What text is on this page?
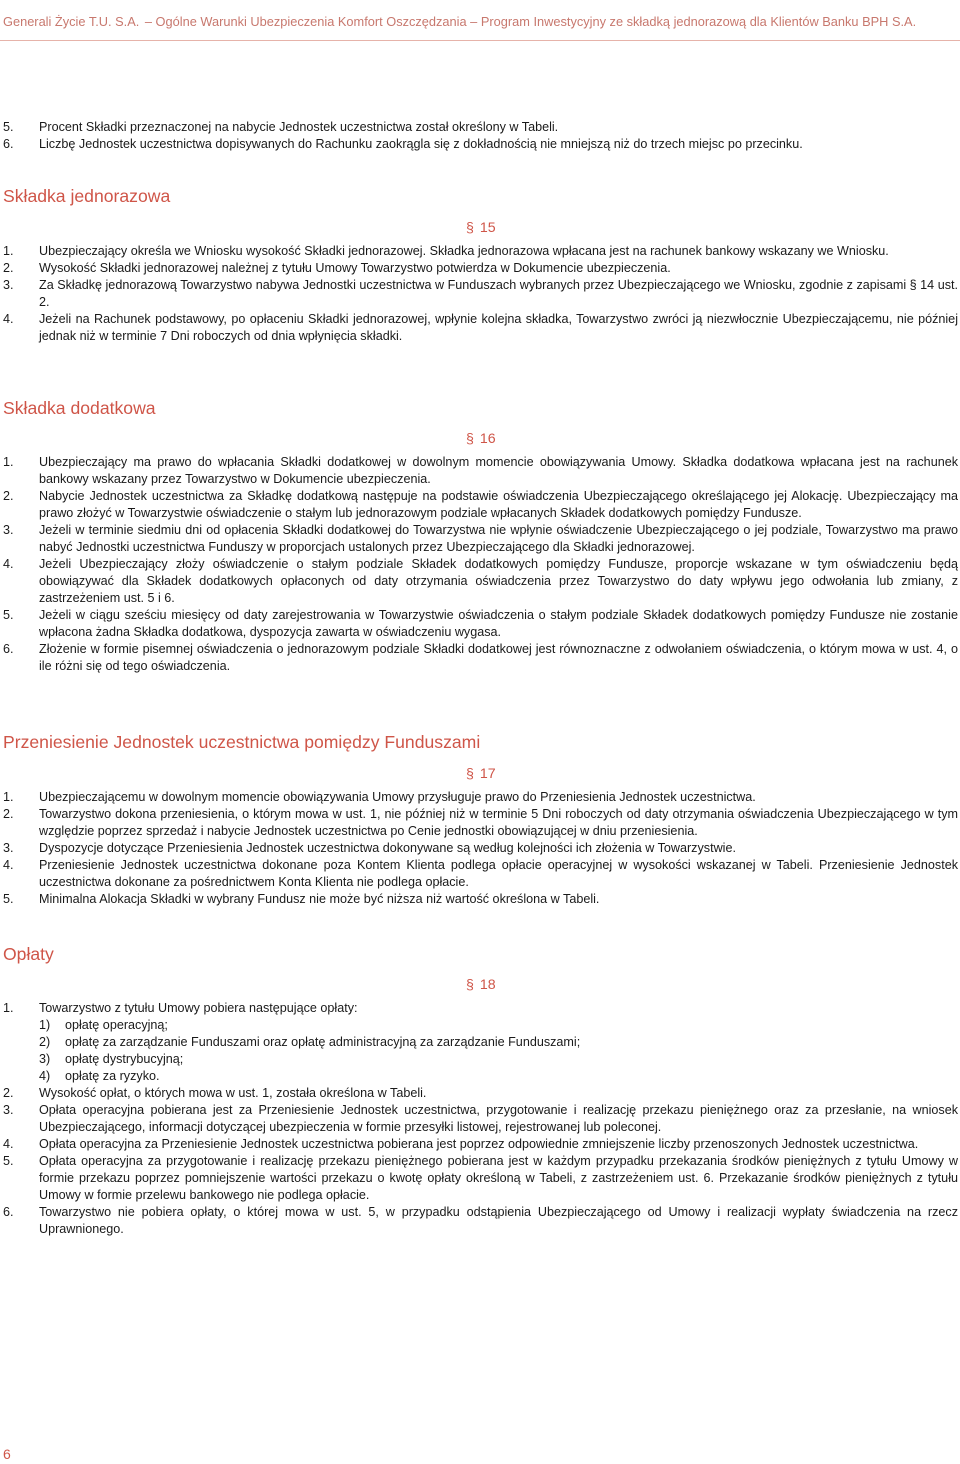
Generali Życie T.U. S.A. – Ogólne Warunki Ubezpieczenia Komfort Oszczędzania – Program Inwestycyjny ze składką jednorazową dla Klientów Banku BPH S.A.
5. Procent Składki przeznaczonej na nabycie Jednostek uczestnictwa został określony w Tabeli.
6. Liczbę Jednostek uczestnictwa dopisywanych do Rachunku zaokrągla się z dokładnością nie mniejszą niż do trzech miejsc po przecinku.
Składka jednorazowa
§ 15
1. Ubezpieczający określa we Wniosku wysokość Składki jednorazowej. Składka jednorazowa wpłacana jest na rachunek bankowy wskazany we Wniosku.
2. Wysokość Składki jednorazowej należnej z tytułu Umowy Towarzystwo potwierdza w Dokumencie ubezpieczenia.
3. Za Składkę jednorazową Towarzystwo nabywa Jednostki uczestnictwa w Funduszach wybranych przez Ubezpieczającego we Wniosku, zgodnie z zapisami § 14 ust. 2.
4. Jeżeli na Rachunek podstawowy, po opłaceniu Składki jednorazowej, wpłynie kolejna składka, Towarzystwo zwróci ją niezwłocznie Ubezpieczającemu, nie później jednak niż w terminie 7 Dni roboczych od dnia wpłynięcia składki.
Składka dodatkowa
§ 16
1. Ubezpieczający ma prawo do wpłacania Składki dodatkowej w dowolnym momencie obowiązywania Umowy. Składka dodatkowa wpłacana jest na rachunek bankowy wskazany przez Towarzystwo w Dokumencie ubezpieczenia.
2. Nabycie Jednostek uczestnictwa za Składkę dodatkową następuje na podstawie oświadczenia Ubezpieczającego określającego jej Alokację. Ubezpieczający ma prawo złożyć w Towarzystwie oświadczenie o stałym lub jednorazowym podziale wpłacanych Składek dodatkowych pomiędzy Fundusze.
3. Jeżeli w terminie siedmiu dni od opłacenia Składki dodatkowej do Towarzystwa nie wpłynie oświadczenie Ubezpieczającego o jej podziale, Towarzystwo ma prawo nabyć Jednostki uczestnictwa Funduszy w proporcjach ustalonych przez Ubezpieczającego dla Składki jednorazowej.
4. Jeżeli Ubezpieczający złoży oświadczenie o stałym podziale Składek dodatkowych pomiędzy Fundusze, proporcje wskazane w tym oświadczeniu będą obowiązywać dla Składek dodatkowych opłaconych od daty otrzymania oświadczenia przez Towarzystwo do daty wpływu jego odwołania lub zmiany, z zastrzeżeniem ust. 5 i 6.
5. Jeżeli w ciągu sześciu miesięcy od daty zarejestrowania w Towarzystwie oświadczenia o stałym podziale Składek dodatkowych pomiędzy Fundusze nie zostanie wpłacona żadna Składka dodatkowa, dyspozycja zawarta w oświadczeniu wygasa.
6. Złożenie w formie pisemnej oświadczenia o jednorazowym podziale Składki dodatkowej jest równoznaczne z odwołaniem oświadczenia, o którym mowa w ust. 4, o ile różni się od tego oświadczenia.
Przeniesienie Jednostek uczestnictwa pomiędzy Funduszami
§ 17
1. Ubezpieczającemu w dowolnym momencie obowiązywania Umowy przysługuje prawo do Przeniesienia Jednostek uczestnictwa.
2. Towarzystwo dokona przeniesienia, o którym mowa w ust. 1, nie później niż w terminie 5 Dni roboczych od daty otrzymania oświadczenia Ubezpieczającego w tym względzie poprzez sprzedaż i nabycie Jednostek uczestnictwa po Cenie jednostki obowiązującej w dniu przeniesienia.
3. Dyspozycje dotyczące Przeniesienia Jednostek uczestnictwa dokonywane są według kolejności ich złożenia w Towarzystwie.
4. Przeniesienie Jednostek uczestnictwa dokonane poza Kontem Klienta podlega opłacie operacyjnej w wysokości wskazanej w Tabeli. Przeniesienie Jednostek uczestnictwa dokonane za pośrednictwem Konta Klienta nie podlega opłacie.
5. Minimalna Alokacja Składki w wybrany Fundusz nie może być niższa niż wartość określona w Tabeli.
Opłaty
§ 18
1. Towarzystwo z tytułu Umowy pobiera następujące opłaty:
1) opłatę operacyjną;
2) opłatę za zarządzanie Funduszami oraz opłatę administracyjną za zarządzanie Funduszami;
3) opłatę dystrybucyjną;
4) opłatę za ryzyko.
2. Wysokość opłat, o których mowa w ust. 1, została określona w Tabeli.
3. Opłata operacyjna pobierana jest za Przeniesienie Jednostek uczestnictwa, przygotowanie i realizację przekazu pieniężnego oraz za przesłanie, na wniosek Ubezpieczającego, informacji dotyczącej ubezpieczenia w formie przesyłki listowej, rejestrowanej lub poleconej.
4. Opłata operacyjna za Przeniesienie Jednostek uczestnictwa pobierana jest poprzez odpowiednie zmniejszenie liczby przenoszonych Jednostek uczestnictwa.
5. Opłata operacyjna za przygotowanie i realizację przekazu pieniężnego pobierana jest w każdym przypadku przekazania środków pieniężnych z tytułu Umowy w formie przekazu poprzez pomniejszenie wartości przekazu o kwotę opłaty określoną w Tabeli, z zastrzeżeniem ust. 6. Przekazanie środków pieniężnych z tytułu Umowy w formie przelewu bankowego nie podlega opłacie.
6. Towarzystwo nie pobiera opłaty, o której mowa w ust. 5, w przypadku odstąpienia Ubezpieczającego od Umowy i realizacji wypłaty świadczenia na rzecz Uprawnionego.
6
